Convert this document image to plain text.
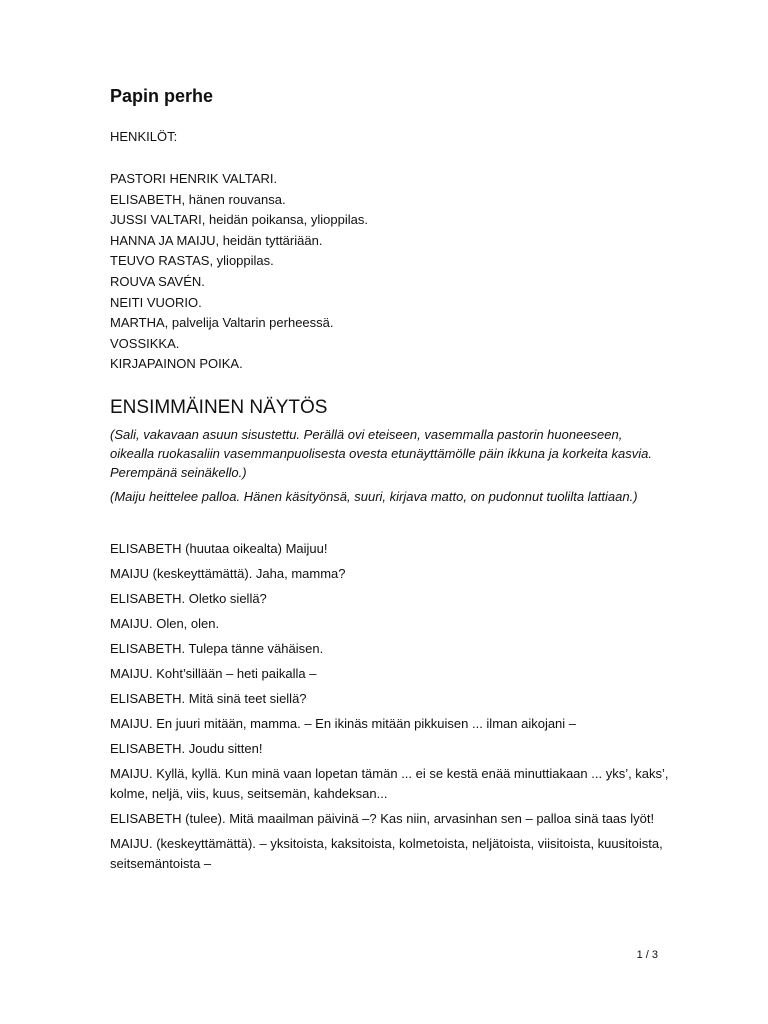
Papin perhe
HENKILÖT:
PASTORI HENRIK VALTARI.
ELISABETH, hänen rouvansa.
JUSSI VALTARI, heidän poikansa, ylioppilas.
HANNA JA MAIJU, heidän tyttäriään.
TEUVO RASTAS, ylioppilas.
ROUVA SAVÉN.
NEITI VUORIO.
MARTHA, palvelija Valtarin perheessä.
VOSSIKKA.
KIRJAPAINON POIKA.
ENSIMMÄINEN NÄYTÖS

(Sali, vakavaan asuun sisustettu. Perällä ovi eteiseen, vasemmalla pastorin huoneeseen, oikealla ruokasaliin vasemmanpuolisesta ovesta etunäyttämölle päin ikkuna ja korkeita kasvia. Perempänä seinäkello.)

(Maiju heittelee palloa. Hänen käsityönsä, suuri, kirjava matto, on pudonnut tuolilta lattiaan.)

ELISABETH (huutaa oikealta) Maijuu!

MAIJU (keskeyttämättä). Jaha, mamma?

ELISABETH. Oletko siellä?

MAIJU. Olen, olen.

ELISABETH. Tulepa tänne vähäisen.

MAIJU. Koht’sillään – heti paikalla –

ELISABETH. Mitä sinä teet siellä?

MAIJU. En juuri mitään, mamma. – En ikinäs mitään pikkuisen ... ilman aikojani –

ELISABETH. Joudu sitten!

MAIJU. Kyllä, kyllä. Kun minä vaan lopetan tämän ... ei se kestä enää minuttiakaan ... yks’, kaks’, kolme, neljä, viis, kuus, seitsemän, kahdeksan...

ELISABETH (tulee). Mitä maailman päivinä –? Kas niin, arvasinhan sen – palloa sinä taas lyöt!

MAIJU. (keskeyttämättä). – yksitoista, kaksitoista, kolmetoista, neljätoista, viisitoista, kuusitoista, seitsemäntoista –

1 / 3
